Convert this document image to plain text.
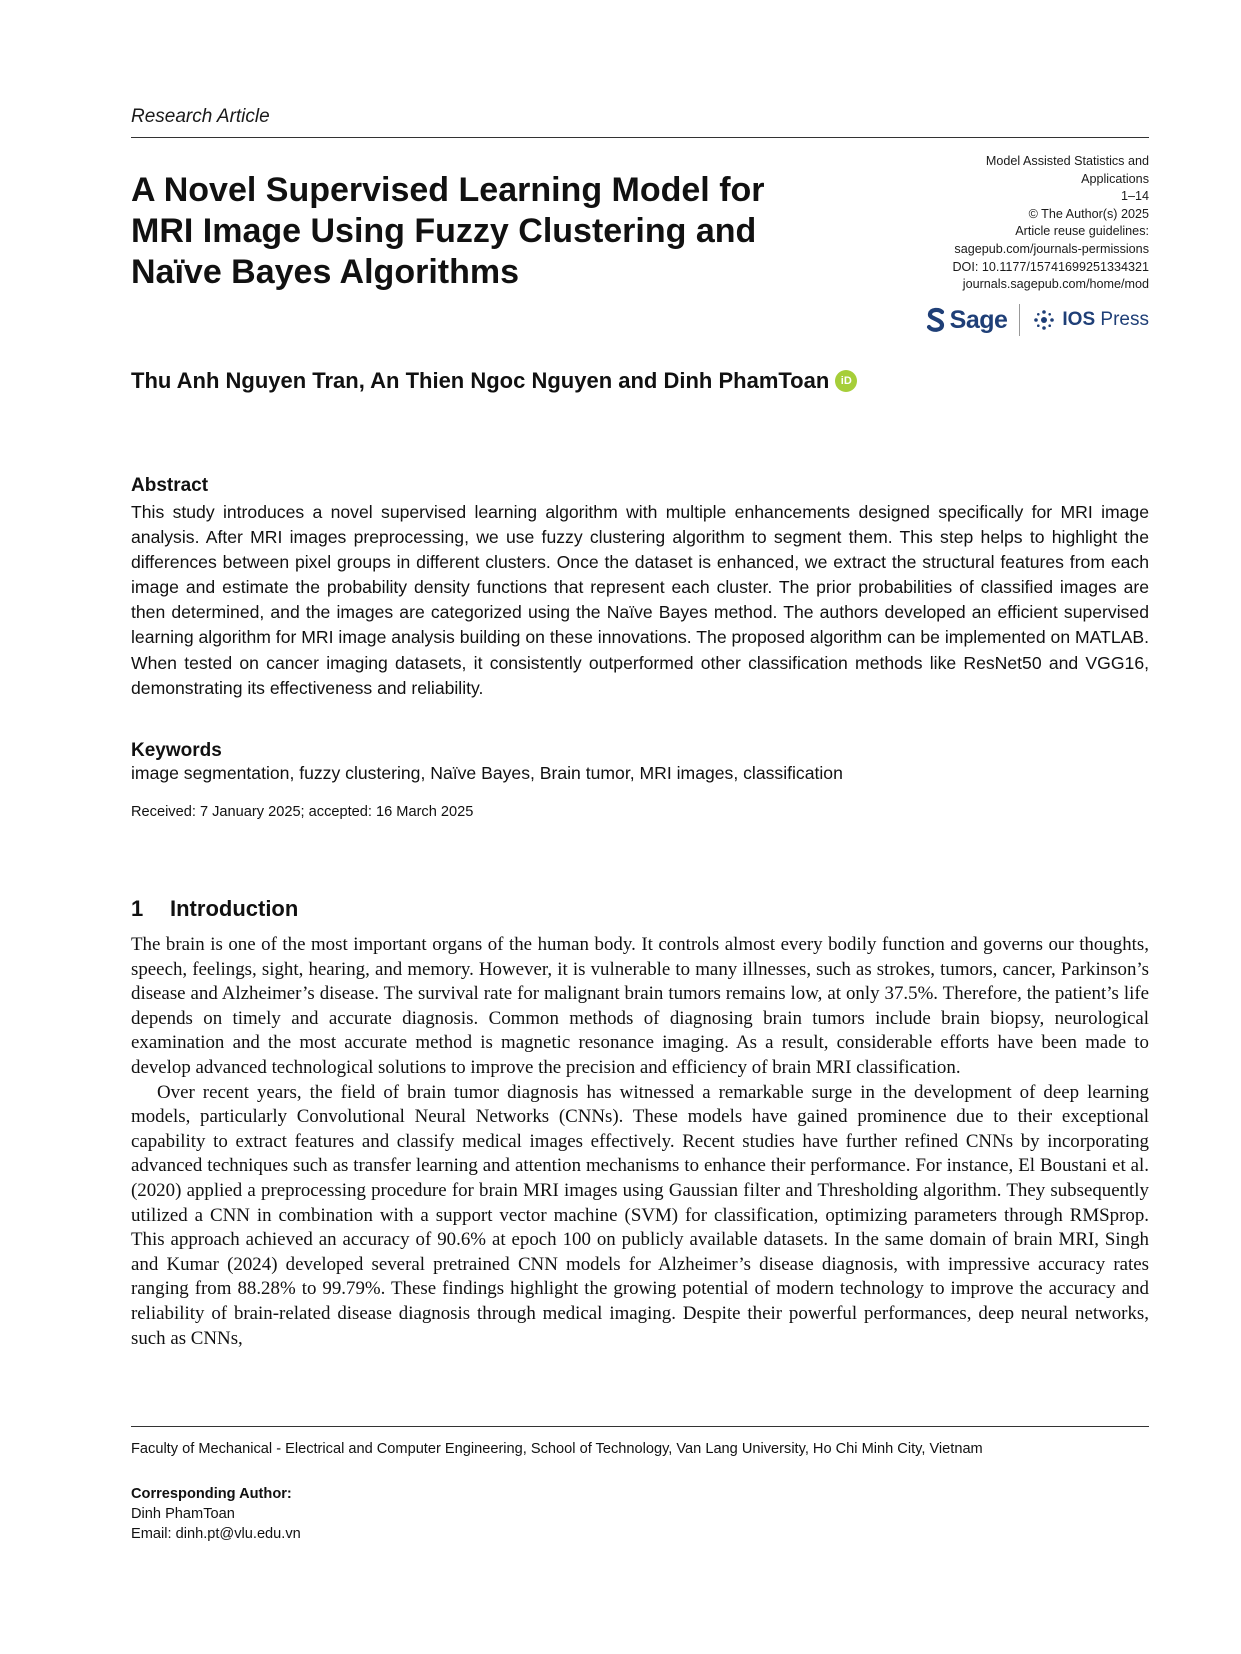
Research Article
A Novel Supervised Learning Model for
MRI Image Using Fuzzy Clustering and
Naïve Bayes Algorithms
Model Assisted Statistics and
Applications
1–14
© The Author(s) 2025
Article reuse guidelines:
sagepub.com/journals-permissions
DOI: 10.1177/15741699251334321
journals.sagepub.com/home/mod
Sage	IOS Press
Thu Anh Nguyen Tran, An Thien Ngoc Nguyen and Dinh PhamToan	iD
Abstract

This study introduces a novel supervised learning algorithm with multiple enhancements designed specifically for MRI image analysis. After MRI images preprocessing, we use fuzzy clustering algorithm to segment them. This step helps to highlight the differences between pixel groups in different clusters. Once the dataset is enhanced, we extract the structural features from each image and estimate the probability density functions that represent each cluster. The prior probabilities of classified images are then determined, and the images are categorized using the Naïve Bayes method. The authors developed an efficient supervised learning algorithm for MRI image analysis building on these innovations. The proposed algorithm can be implemented on MATLAB. When tested on cancer imaging datasets, it consistently outperformed other classification methods like ResNet50 and VGG16, demonstrating its effectiveness and reliability.

Keywords
image segmentation, fuzzy clustering, Naïve Bayes, Brain tumor, MRI images, classification
Received: 7 January 2025; accepted: 16 March 2025
1 Introduction

The brain is one of the most important organs of the human body. It controls almost every bodily function and governs our thoughts, speech, feelings, sight, hearing, and memory. However, it is vulnerable to many illnesses, such as strokes, tumors, cancer, Parkinson’s disease and Alzheimer’s disease. The survival rate for malignant brain tumors remains low, at only 37.5%. Therefore, the patient’s life depends on timely and accurate diagnosis. Common methods of diagnosing brain tumors include brain biopsy, neurological examination and the most accurate method is magnetic resonance imaging. As a result, considerable efforts have been made to develop advanced technological solutions to improve the precision and efficiency of brain MRI classification.

Over recent years, the field of brain tumor diagnosis has witnessed a remarkable surge in the development of deep learning models, particularly Convolutional Neural Networks (CNNs). These models have gained prominence due to their exceptional capability to extract features and classify medical images effectively. Recent studies have further refined CNNs by incorporating advanced techniques such as transfer learning and attention mechanisms to enhance their performance. For instance, El Boustani et al. (2020) applied a preprocessing procedure for brain MRI images using Gaussian filter and Thresholding algorithm. They subsequently utilized a CNN in combination with a support vector machine (SVM) for classification, optimizing parameters through RMSprop. This approach achieved an accuracy of 90.6% at epoch 100 on publicly available datasets. In the same domain of brain MRI, Singh and Kumar (2024) developed several pretrained CNN models for Alzheimer’s disease diagnosis, with impressive accuracy rates ranging from 88.28% to 99.79%. These findings highlight the growing potential of modern technology to improve the accuracy and reliability of brain-related disease diagnosis through medical imaging. Despite their powerful performances, deep neural networks, such as CNNs,

Faculty of Mechanical - Electrical and Computer Engineering, School of Technology, Van Lang University, Ho Chi Minh City, Vietnam
Corresponding Author:
Dinh PhamToan
Email: dinh.pt@vlu.edu.vn
